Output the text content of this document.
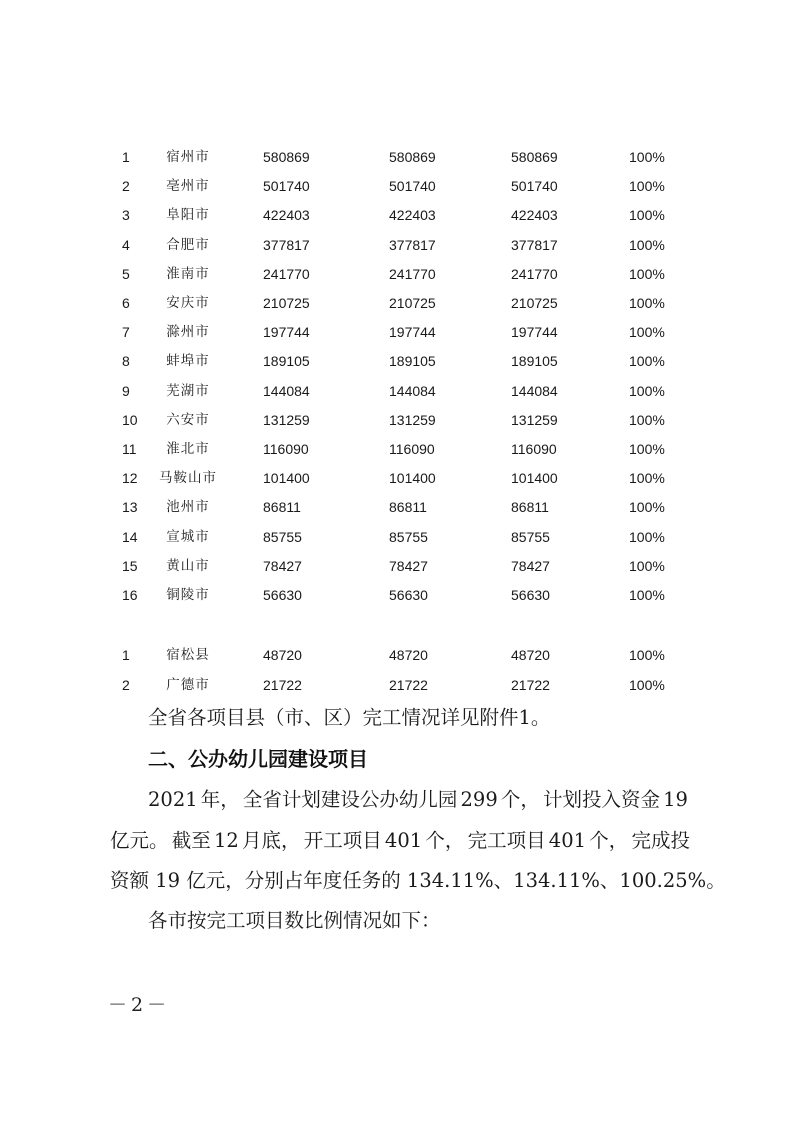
1	宿州市	580869	580869	580869	100%
2	亳州市	501740	501740	501740	100%
3	阜阳市	422403	422403	422403	100%
4	合肥市	377817	377817	377817	100%
5	淮南市	241770	241770	241770	100%
6	安庆市	210725	210725	210725	100%
7	滁州市	197744	197744	197744	100%
8	蚌埠市	189105	189105	189105	100%
9	芜湖市	144084	144084	144084	100%
10	六安市	131259	131259	131259	100%
11	淮北市	116090	116090	116090	100%
12	马鞍山市	101400	101400	101400	100%
13	池州市	86811	86811	86811	100%
14	宣城市	85755	85755	85755	100%
15	黄山市	78427	78427	78427	100%
16	铜陵市	56630	56630	56630	100%
1	宿松县	48720	48720	48720	100%
2	广德市	21722	21722	21722	100%
全省各项目县（市、区）完工情况详见附件1。
二、公办幼儿园建设项目
2021 年， 全省计划建设公办幼儿园 299 个， 计划投入资金 19
亿元。 截至 12 月底， 开工项目 401 个， 完工项目 401 个， 完成投
资额 19 亿元，分别占年度任务的 134.11%、134.11%、100.25%。
各市按完工项目数比例情况如下：
－2－
